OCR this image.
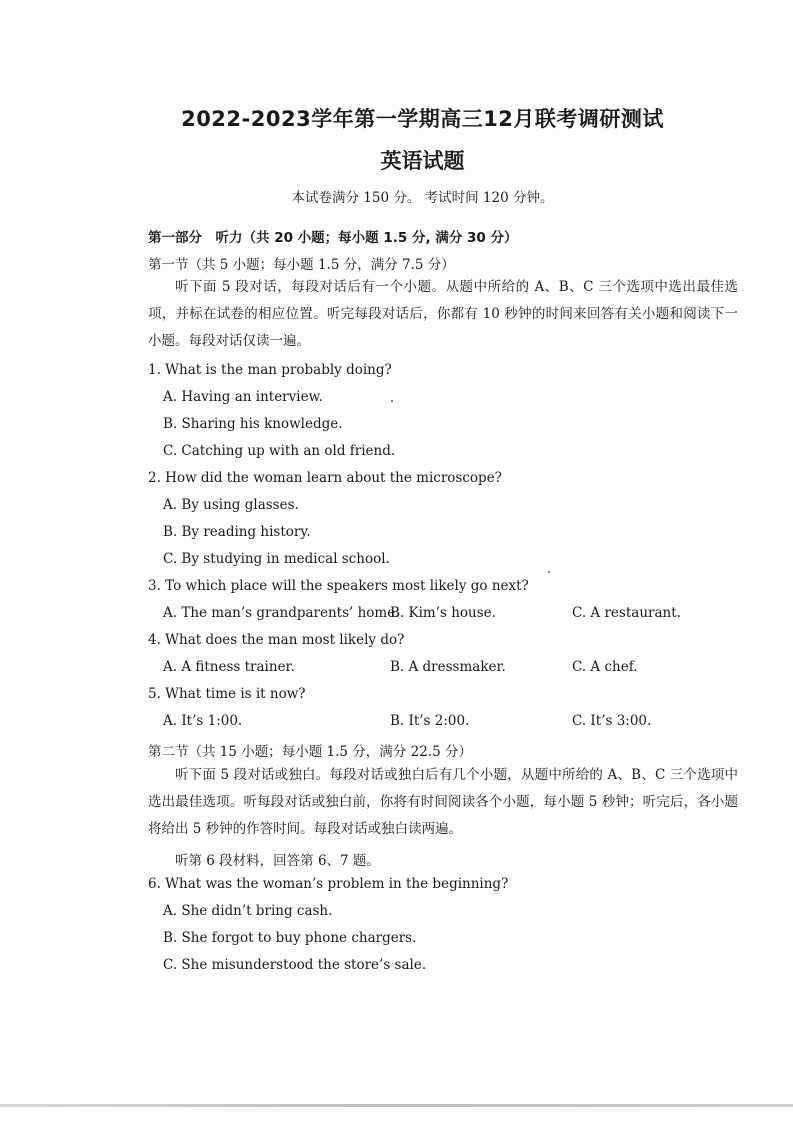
2022-2023学年第一学期高三12月联考调研测试
英语试题
本试卷满分 150 分。 考试时间 120 分钟。
第一部分　听力（共 20 小题；每小题 1.5 分, 满分 30 分）
第一节（共 5 小题；每小题 1.5 分，满分 7.5 分）
听下面 5 段对话，每段对话后有一个小题。从题中所给的 A、B、C 三个选项中选出最佳选项，并标在试卷的相应位置。听完每段对话后，你都有 10 秒钟的时间来回答有关小题和阅读下一小题。每段对话仅读一遍。
1. What is the man probably doing?
A. Having an interview.
B. Sharing his knowledge.
C. Catching up with an old friend.
2. How did the woman learn about the microscope?
A. By using glasses.
B. By reading history.
C. By studying in medical school.
3. To which place will the speakers most likely go next?
A. The man’s grandparents’ home.
B. Kim’s house.	C. A restaurant.
4. What does the man most likely do?
A. A fitness trainer.	B. A dressmaker.	C. A chef.
5. What time is it now?
A. It’s 1:00.	B. It’s 2:00.	C. It’s 3:00.
第二节（共 15 小题；每小题 1.5 分，满分 22.5 分）
听下面 5 段对话或独白。每段对话或独白后有几个小题，从题中所给的 A、B、C 三个选项中选出最佳选项。听每段对话或独白前，你将有时间阅读各个小题，每小题 5 秒钟；听完后，各小题将给出 5 秒钟的作答时间。每段对话或独白读两遍。
听第 6 段材料，回答第 6、7 题。
6. What was the woman’s problem in the beginning?
A. She didn’t bring cash.
B. She forgot to buy phone chargers.
C. She misunderstood the store’s sale.
